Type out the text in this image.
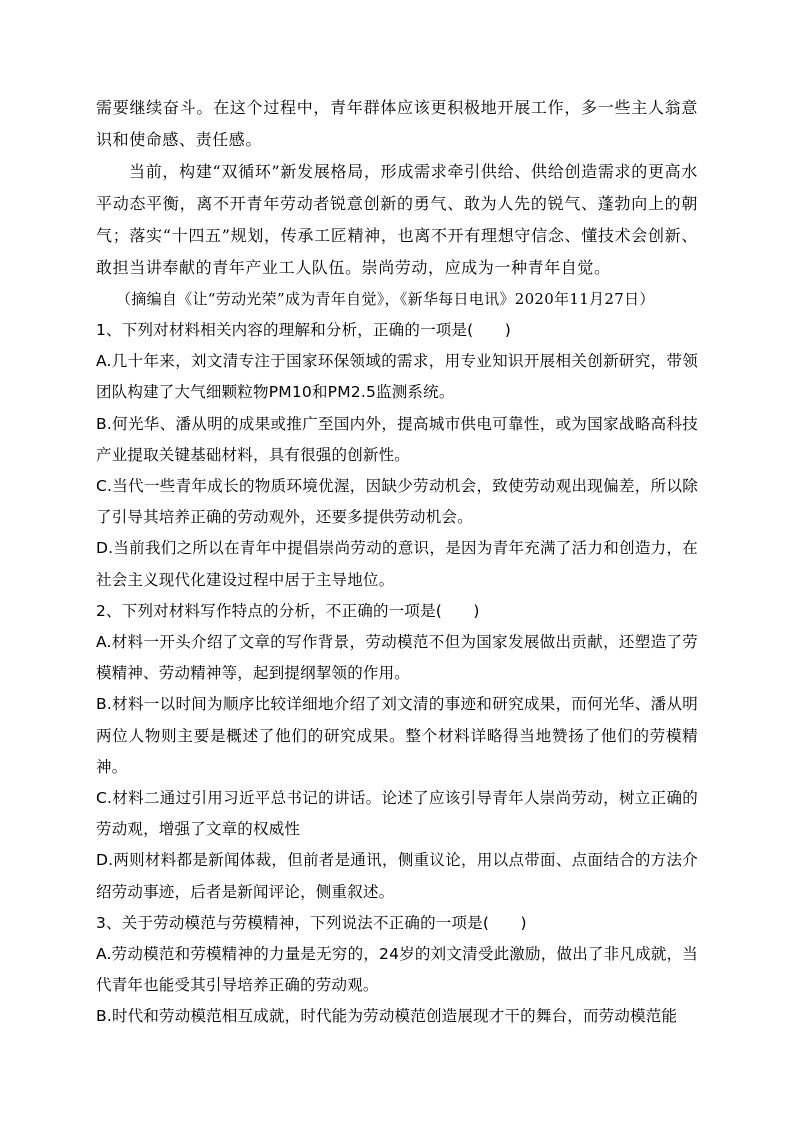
需要继续奋斗。在这个过程中，青年群体应该更积极地开展工作，多一些主人翁意识和使命感、责任感。

当前，构建“双循环”新发展格局，形成需求牵引供给、供给创造需求的更高水平动态平衡，离不开青年劳动者锐意创新的勇气、敢为人先的锐气、蓬勃向上的朝气；落实“十四五”规划，传承工匠精神，也离不开有理想守信念、懂技术会创新、敢担当讲奉献的青年产业工人队伍。崇尚劳动，应成为一种青年自觉。

（摘编自《让“劳动光荣”成为青年自觉》，《新华每日电讯》2020年11月27日）

1、下列对材料相关内容的理解和分析，正确的一项是(　　)

A.几十年来，刘文清专注于国家环保领域的需求，用专业知识开展相关创新研究，带领团队构建了大气细颗粒物PM10和PM2.5监测系统。

B.何光华、潘从明的成果或推广至国内外，提高城市供电可靠性，或为国家战略高科技产业提取关键基础材料，具有很强的创新性。

C.当代一些青年成长的物质环境优渥，因缺少劳动机会，致使劳动观出现偏差，所以除了引导其培养正确的劳动观外，还要多提供劳动机会。

D.当前我们之所以在青年中提倡崇尚劳动的意识，是因为青年充满了活力和创造力，在社会主义现代化建设过程中居于主导地位。

2、下列对材料写作特点的分析，不正确的一项是(　　)

A.材料一开头介绍了文章的写作背景，劳动模范不但为国家发展做出贡献，还塑造了劳模精神、劳动精神等，起到提纲挈领的作用。

B.材料一以时间为顺序比较详细地介绍了刘文清的事迹和研究成果，而何光华、潘从明两位人物则主要是概述了他们的研究成果。整个材料详略得当地赞扬了他们的劳模精神。

C.材料二通过引用习近平总书记的讲话。论述了应该引导青年人崇尚劳动，树立正确的劳动观，增强了文章的权威性

D.两则材料都是新闻体裁，但前者是通讯，侧重议论，用以点带面、点面结合的方法介绍劳动事迹，后者是新闻评论，侧重叙述。

3、关于劳动模范与劳模精神，下列说法不正确的一项是(　　)

A.劳动模范和劳模精神的力量是无穷的，24岁的刘文清受此激励，做出了非凡成就，当代青年也能受其引导培养正确的劳动观。

B.时代和劳动模范相互成就，时代能为劳动模范创造展现才干的舞台，而劳动模范能
